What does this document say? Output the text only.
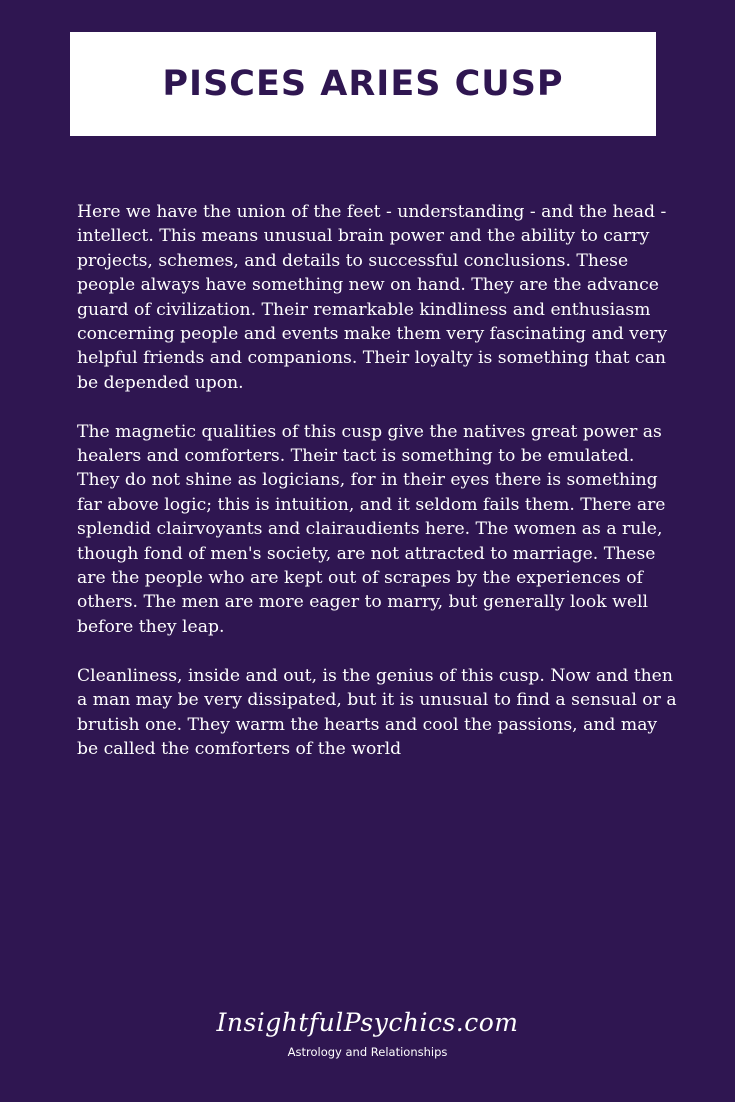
PISCES ARIES CUSP

Here we have the union of the feet - understanding - and the head - intellect. This means unusual brain power and the ability to carry projects, schemes, and details to successful conclusions. These people always have something new on hand. They are the advance guard of civilization. Their remarkable kindliness and enthusiasm concerning people and events make them very fascinating and very helpful friends and companions. Their loyalty is something that can be depended upon.

The magnetic qualities of this cusp give the natives great power as healers and comforters. Their tact is something to be emulated. They do not shine as logicians, for in their eyes there is something far above logic; this is intuition, and it seldom fails them. There are splendid clairvoyants and clairaudients here. The women as a rule, though fond of men's society, are not attracted to marriage. These are the people who are kept out of scrapes by the experiences of others. The men are more eager to marry, but generally look well before they leap.

Cleanliness, inside and out, is the genius of this cusp. Now and then a man may be very dissipated, but it is unusual to find a sensual or a brutish one. They warm the hearts and cool the passions, and may be called the comforters of the world

InsightfulPsychics.com
Astrology and Relationships
